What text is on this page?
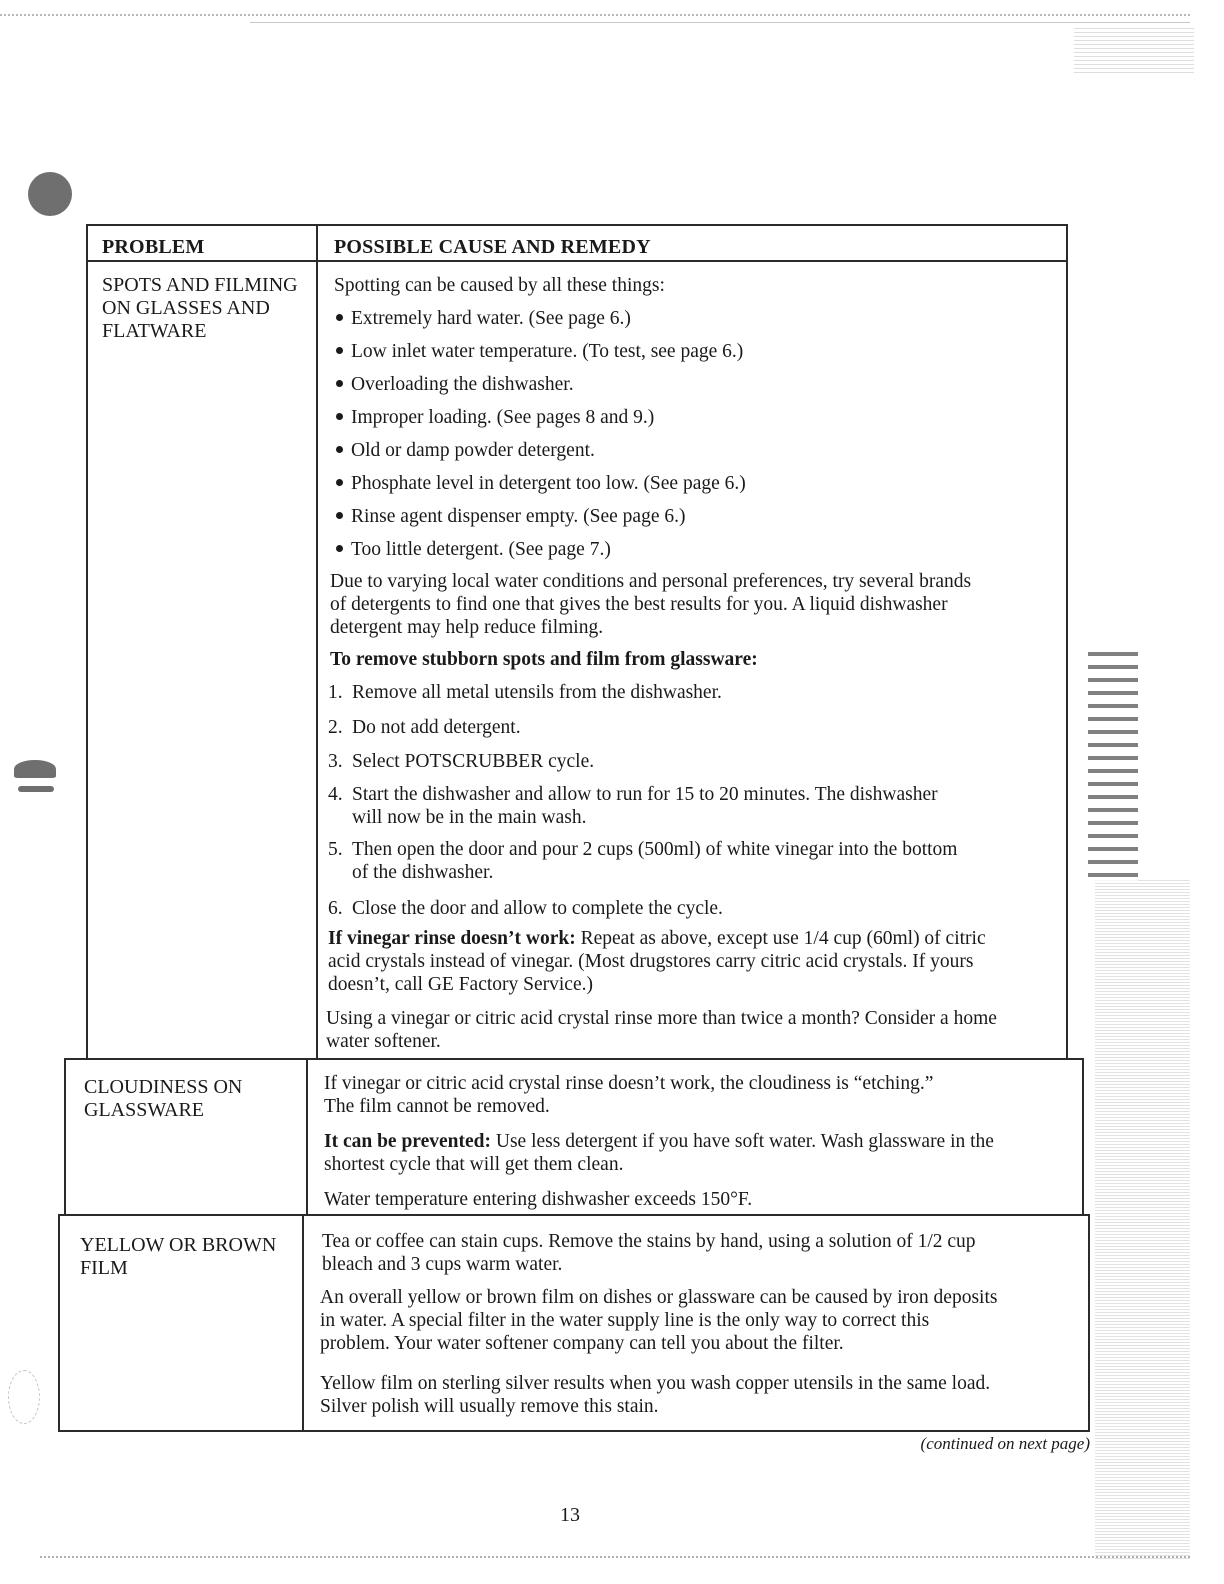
PROBLEM	POSSIBLE CAUSE AND REMEDY
SPOTS AND FILMING
ON GLASSES AND
FLATWARE
Spotting can be caused by all these things:
Extremely hard water. (See page 6.)
Low inlet water temperature. (To test, see page 6.)
Overloading the dishwasher.
Improper loading. (See pages 8 and 9.)
Old or damp powder detergent.
Phosphate level in detergent too low. (See page 6.)
Rinse agent dispenser empty. (See page 6.)
Too little detergent. (See page 7.)
Due to varying local water conditions and personal preferences, try several brands
of detergents to find one that gives the best results for you. A liquid dishwasher
detergent may help reduce filming.
To remove stubborn spots and film from glassware:
1. Remove all metal utensils from the dishwasher.
2. Do not add detergent.
3. Select POTSCRUBBER cycle.
4. Start the dishwasher and allow to run for 15 to 20 minutes. The dishwasher
will now be in the main wash.
5. Then open the door and pour 2 cups (500ml) of white vinegar into the bottom
of the dishwasher.
6. Close the door and allow to complete the cycle.
If vinegar rinse doesn’t work: Repeat as above, except use 1/4 cup (60ml) of citric
acid crystals instead of vinegar. (Most drugstores carry citric acid crystals. If yours
doesn’t, call GE Factory Service.)
Using a vinegar or citric acid crystal rinse more than twice a month? Consider a home
water softener.
CLOUDINESS ON
GLASSWARE
If vinegar or citric acid crystal rinse doesn’t work, the cloudiness is “etching.”
The film cannot be removed.
It can be prevented: Use less detergent if you have soft water. Wash glassware in the
shortest cycle that will get them clean.
Water temperature entering dishwasher exceeds 150°F.
YELLOW OR BROWN
FILM
Tea or coffee can stain cups. Remove the stains by hand, using a solution of 1/2 cup
bleach and 3 cups warm water.
An overall yellow or brown film on dishes or glassware can be caused by iron deposits
in water. A special filter in the water supply line is the only way to correct this
problem. Your water softener company can tell you about the filter.
Yellow film on sterling silver results when you wash copper utensils in the same load.
Silver polish will usually remove this stain.
(continued on next page)
13
